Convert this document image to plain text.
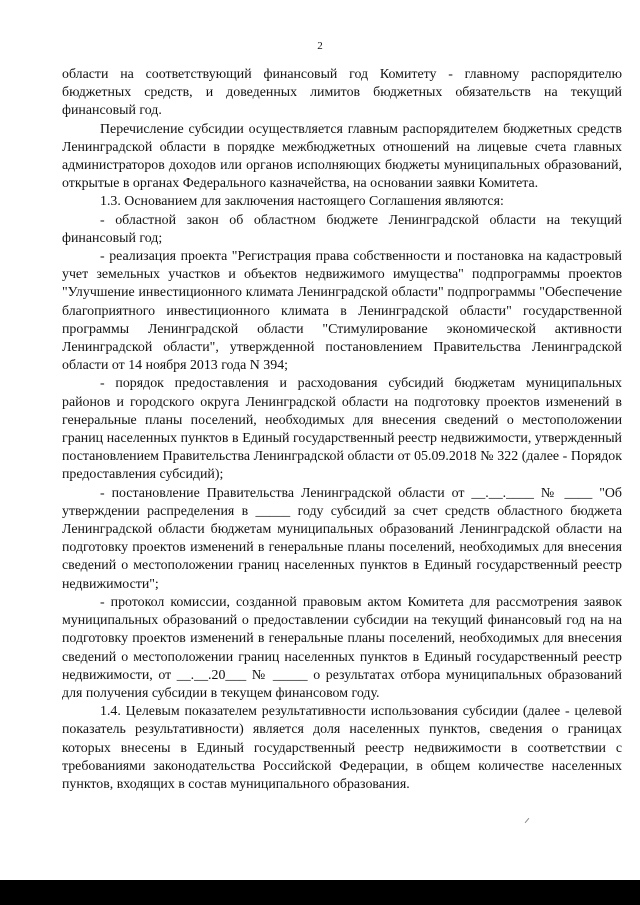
2

области на соответствующий финансовый год Комитету - главному распорядителю бюджетных средств, и доведенных лимитов бюджетных обязательств на текущий финансовый год.

Перечисление субсидии осуществляется главным распорядителем бюджетных средств Ленинградской области в порядке межбюджетных отношений на лицевые счета главных администраторов доходов или органов исполняющих бюджеты муниципальных образований, открытые в органах Федерального казначейства, на основании заявки Комитета.

1.3. Основанием для заключения настоящего Соглашения являются:

- областной закон об областном бюджете Ленинградской области на текущий финансовый год;

- реализация проекта "Регистрация права собственности и постановка на кадастровый учет земельных участков и объектов недвижимого имущества" подпрограммы проектов "Улучшение инвестиционного климата Ленинградской области" подпрограммы "Обеспечение благоприятного инвестиционного климата в Ленинградской области" государственной программы Ленинградской области "Стимулирование экономической активности Ленинградской области", утвержденной постановлением Правительства Ленинградской области от 14 ноября 2013 года N 394;

- порядок предоставления и расходования субсидий бюджетам муниципальных районов и городского округа Ленинградской области на подготовку проектов изменений в генеральные планы поселений, необходимых для внесения сведений о местоположении границ населенных пунктов в Единый государственный реестр недвижимости, утвержденный постановлением Правительства Ленинградской области от 05.09.2018 № 322 (далее - Порядок предоставления субсидий);

- постановление Правительства Ленинградской области от __.__.____ № ____ "Об утверждении распределения в _____ году субсидий за счет средств областного бюджета Ленинградской области бюджетам муниципальных образований Ленинградской области на подготовку проектов изменений в генеральные планы поселений, необходимых для внесения сведений о местоположении границ населенных пунктов в Единый государственный реестр недвижимости";

- протокол комиссии, созданной правовым актом Комитета для рассмотрения заявок муниципальных образований о предоставлении субсидии на текущий финансовый год на на подготовку проектов изменений в генеральные планы поселений, необходимых для внесения сведений о местоположении границ населенных пунктов в Единый государственный реестр недвижимости, от __.__.20___ № _____ о результатах отбора муниципальных образований для получения субсидии в текущем финансовом году.

1.4. Целевым показателем результативности использования субсидии (далее - целевой показатель результативности) является доля населенных пунктов, сведения о границах которых внесены в Единый государственный реестр недвижимости в соответствии с требованиями законодательства Российской Федерации, в общем количестве населенных пунктов, входящих в состав муниципального образования.
